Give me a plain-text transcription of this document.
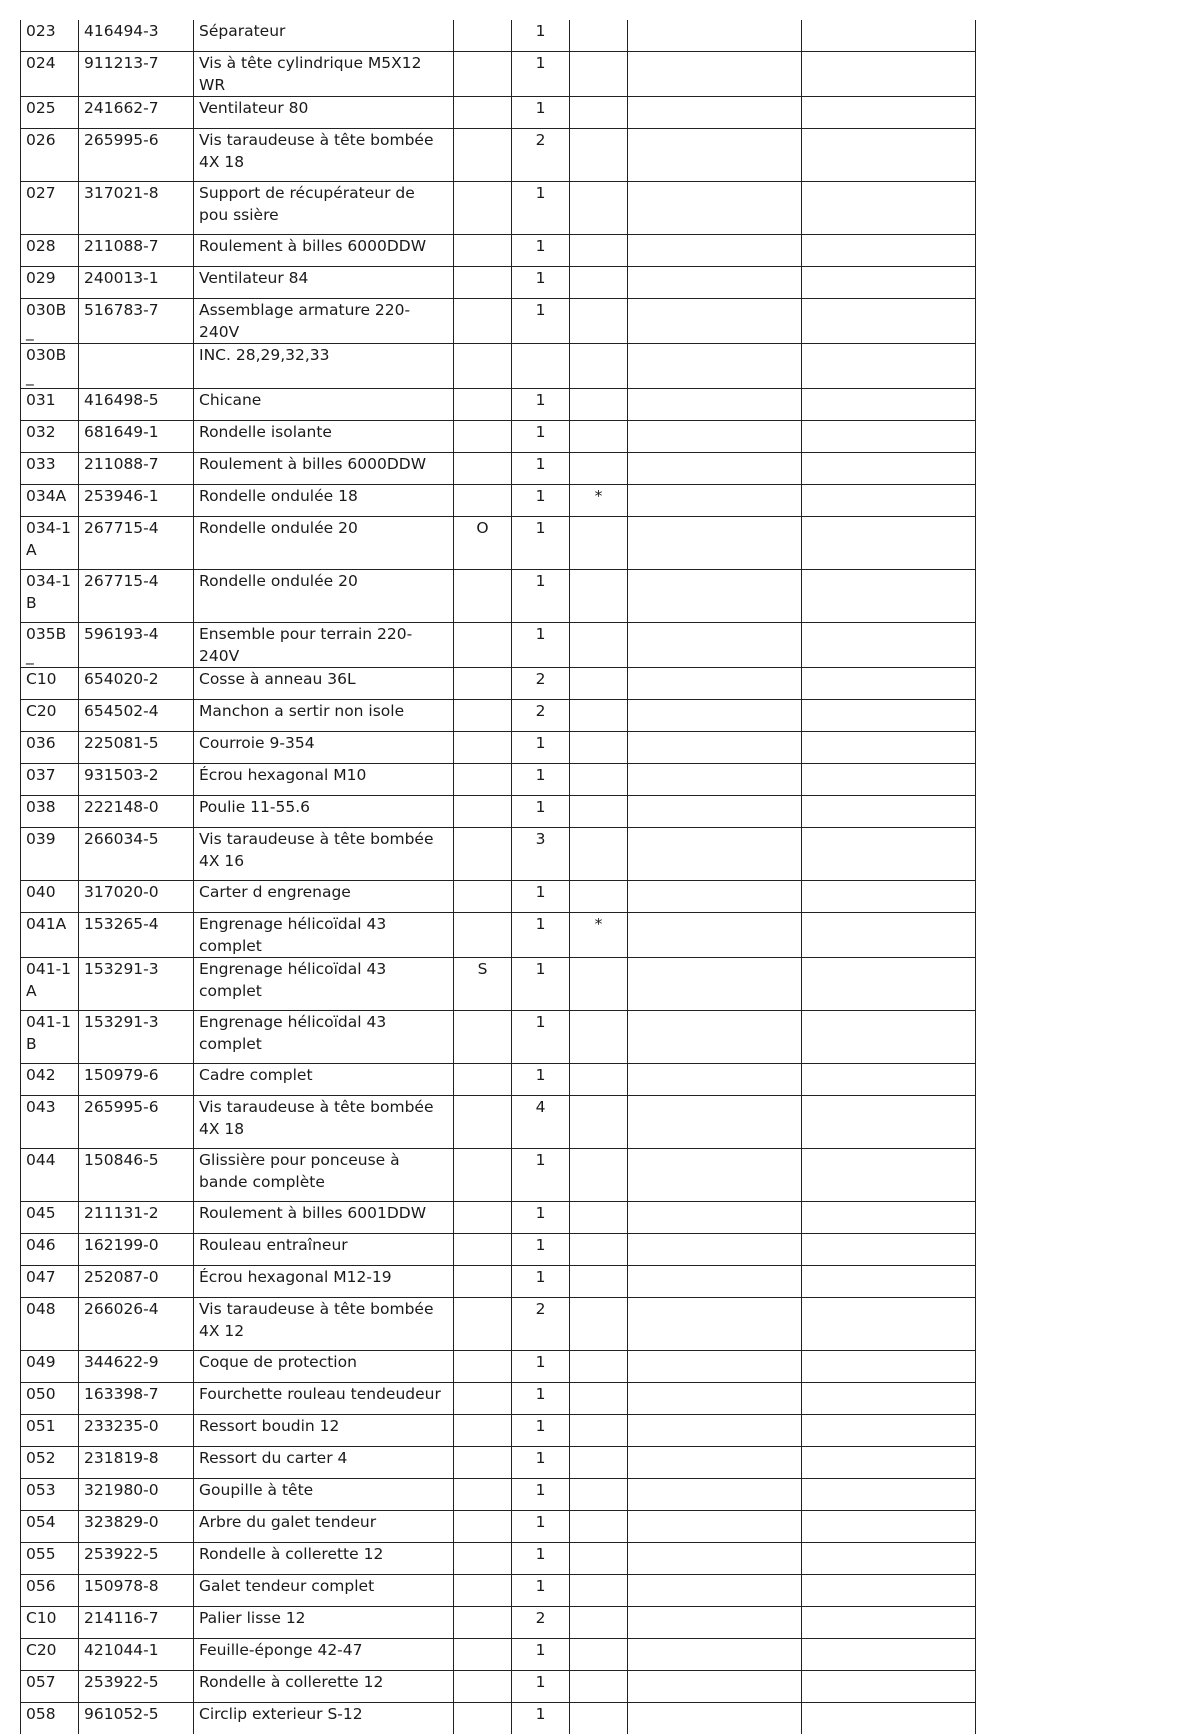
023	416494-3	Séparateur		1			
024	911213-7	Vis à tête cylindrique M5X12 WR		1			
025	241662-7	Ventilateur 80		1			
026	265995-6	Vis taraudeuse à tête bombée 4X 18		2			
027	317021-8	Support de récupérateur de pou ssière		1			
028	211088-7	Roulement à billes 6000DDW		1			
029	240013-1	Ventilateur 84		1			
030B_	516783-7	Assemblage armature 220-240V		1			
030B_		INC. 28,29,32,33					
031	416498-5	Chicane		1			
032	681649-1	Rondelle isolante		1			
033	211088-7	Roulement à billes 6000DDW		1			
034A	253946-1	Rondelle ondulée 18		1	*		
034-1 A	267715-4	Rondelle ondulée 20	O	1			
034-1 B	267715-4	Rondelle ondulée 20		1			
035B_	596193-4	Ensemble pour terrain 220-240V		1			
C10	654020-2	Cosse à anneau 36L		2			
C20	654502-4	Manchon a sertir non isole		2			
036	225081-5	Courroie 9-354		1			
037	931503-2	Écrou hexagonal M10		1			
038	222148-0	Poulie 11-55.6		1			
039	266034-5	Vis taraudeuse à tête bombée 4X 16		3			
040	317020-0	Carter d engrenage		1			
041A	153265-4	Engrenage hélicoïdal 43 complet		1	*		
041-1 A	153291-3	Engrenage hélicoïdal 43 complet	S	1			
041-1 B	153291-3	Engrenage hélicoïdal 43 complet		1			
042	150979-6	Cadre complet		1			
043	265995-6	Vis taraudeuse à tête bombée 4X 18		4			
044	150846-5	Glissière pour ponceuse à bande complète		1			
045	211131-2	Roulement à billes 6001DDW		1			
046	162199-0	Rouleau entraîneur		1			
047	252087-0	Écrou hexagonal M12-19		1			
048	266026-4	Vis taraudeuse à tête bombée 4X 12		2			
049	344622-9	Coque de protection		1			
050	163398-7	Fourchette rouleau tendeudeur		1			
051	233235-0	Ressort boudin 12		1			
052	231819-8	Ressort du carter 4		1			
053	321980-0	Goupille à tête		1			
054	323829-0	Arbre du galet tendeur		1			
055	253922-5	Rondelle à collerette 12		1			
056	150978-8	Galet tendeur complet		1			
C10	214116-7	Palier lisse 12		2			
C20	421044-1	Feuille-éponge 42-47		1			
057	253922-5	Rondelle à collerette 12		1			
058	961052-5	Circlip exterieur S-12		1			
